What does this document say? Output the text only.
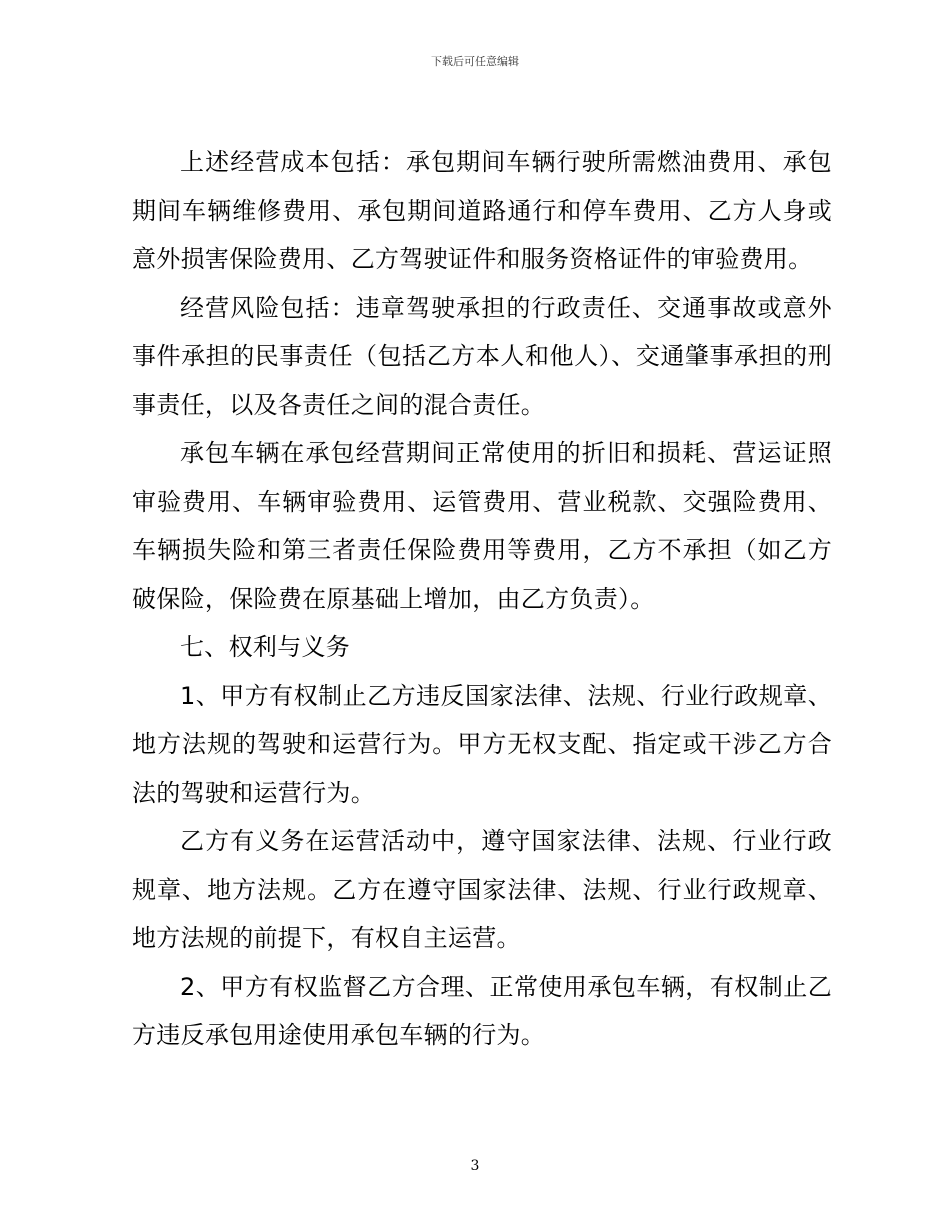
下载后可任意编辑

上述经营成本包括：承包期间车辆行驶所需燃油费用、承包期间车辆维修费用、承包期间道路通行和停车费用、乙方人身或意外损害保险费用、乙方驾驶证件和服务资格证件的审验费用。

经营风险包括：违章驾驶承担的行政责任、交通事故或意外事件承担的民事责任（包括乙方本人和他人）、交通肇事承担的刑事责任，以及各责任之间的混合责任。

承包车辆在承包经营期间正常使用的折旧和损耗、营运证照审验费用、车辆审验费用、运管费用、营业税款、交强险费用、车辆损失险和第三者责任保险费用等费用，乙方不承担（如乙方破保险，保险费在原基础上增加，由乙方负责）。

七、权利与义务

1、甲方有权制止乙方违反国家法律、法规、行业行政规章、地方法规的驾驶和运营行为。甲方无权支配、指定或干涉乙方合法的驾驶和运营行为。

乙方有义务在运营活动中，遵守国家法律、法规、行业行政规章、地方法规。乙方在遵守国家法律、法规、行业行政规章、地方法规的前提下，有权自主运营。

2、甲方有权监督乙方合理、正常使用承包车辆，有权制止乙方违反承包用途使用承包车辆的行为。

3
